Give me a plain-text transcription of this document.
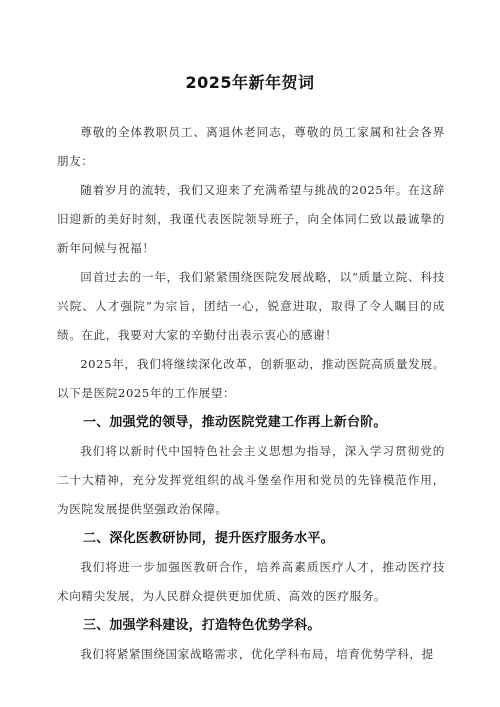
2025年新年贺词

尊敬的全体教职员工、离退休老同志，尊敬的员工家属和社会各界朋友：

随着岁月的流转，我们又迎来了充满希望与挑战的2025年。在这辞旧迎新的美好时刻，我谨代表医院领导班子，向全体同仁致以最诚挚的新年问候与祝福！

回首过去的一年，我们紧紧围绕医院发展战略，以“质量立院、科技兴院、人才强院”为宗旨，团结一心，锐意进取，取得了令人瞩目的成绩。在此，我要对大家的辛勤付出表示衷心的感谢！

2025年，我们将继续深化改革，创新驱动，推动医院高质量发展。以下是医院2025年的工作展望：

一、加强党的领导，推动医院党建工作再上新台阶。

我们将以新时代中国特色社会主义思想为指导，深入学习贯彻党的二十大精神，充分发挥党组织的战斗堡垒作用和党员的先锋模范作用，为医院发展提供坚强政治保障。

二、深化医教研协同，提升医疗服务水平。

我们将进一步加强医教研合作，培养高素质医疗人才，推动医疗技术向精尖发展，为人民群众提供更加优质、高效的医疗服务。

三、加强学科建设，打造特色优势学科。

我们将紧紧围绕国家战略需求，优化学科布局，培育优势学科，提
